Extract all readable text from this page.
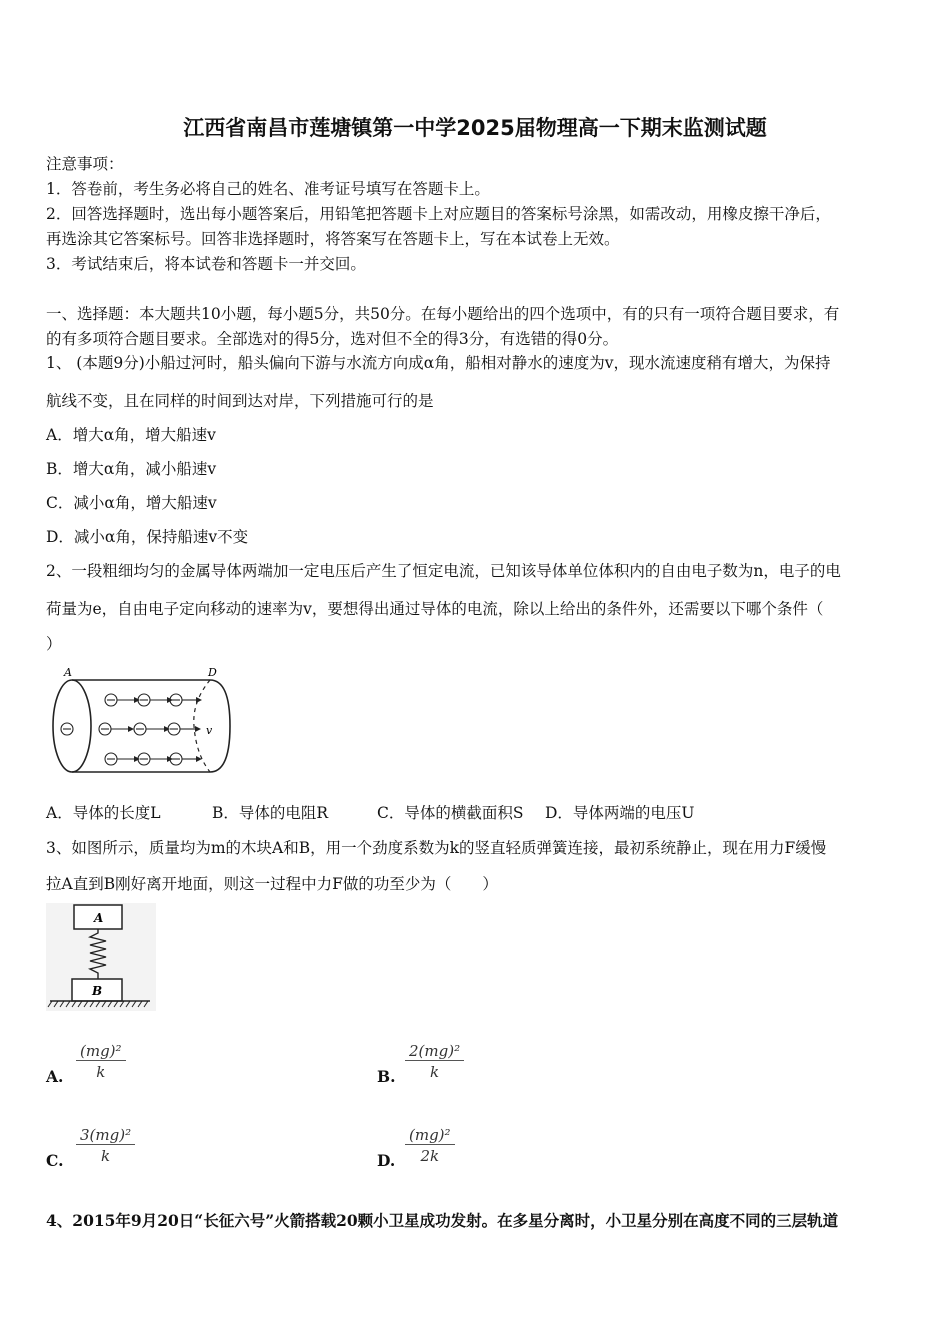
江西省南昌市莲塘镇第一中学2025届物理高一下期末监测试题
注意事项：
1．答卷前，考生务必将自己的姓名、准考证号填写在答题卡上。
2．回答选择题时，选出每小题答案后，用铅笔把答题卡上对应题目的答案标号涂黑，如需改动，用橡皮擦干净后，
再选涂其它答案标号。回答非选择题时，将答案写在答题卡上，写在本试卷上无效。
3．考试结束后，将本试卷和答题卡一并交回。
一、选择题：本大题共10小题，每小题5分，共50分。在每小题给出的四个选项中，有的只有一项符合题目要求，有
的有多项符合题目要求。全部选对的得5分，选对但不全的得3分，有选错的得0分。
1、 (本题9分)小船过河时，船头偏向下游与水流方向成α角，船相对静水的速度为v，现水流速度稍有增大，为保持
航线不变，且在同样的时间到达对岸，下列措施可行的是
A．增大α角，增大船速v
B．增大α角，减小船速v
C．减小α角，增大船速v
D．减小α角，保持船速v不变
2、一段粗细均匀的金属导体两端加一定电压后产生了恒定电流，已知该导体单位体积内的自由电子数为n，电子的电
荷量为e，自由电子定向移动的速率为v，要想得出通过导体的电流，除以上给出的条件外，还需要以下哪个条件（
）
A	D
v
A．导体的长度L	B．导体的电阻R	C．导体的横截面积S D．导体两端的电压U
3、如图所示，质量均为m的木块A和B，用一个劲度系数为k的竖直轻质弹簧连接，最初系统静止，现在用力F缓慢
拉A直到B刚好离开地面，则这一过程中力F做的功至少为（　　）
A
B
A. $\frac{\text{(mg)²}}{k}$	B. $\frac{\text{2(mg)²}}{k}$
C. $\frac{\text{3(mg)²}}{k}$	D. $\frac{\text{(mg)²}}{2k}$
4、2015年9月20日“长征六号”火箭搭载20颗小卫星成功发射。在多星分离时，小卫星分别在高度不同的三层轨道
